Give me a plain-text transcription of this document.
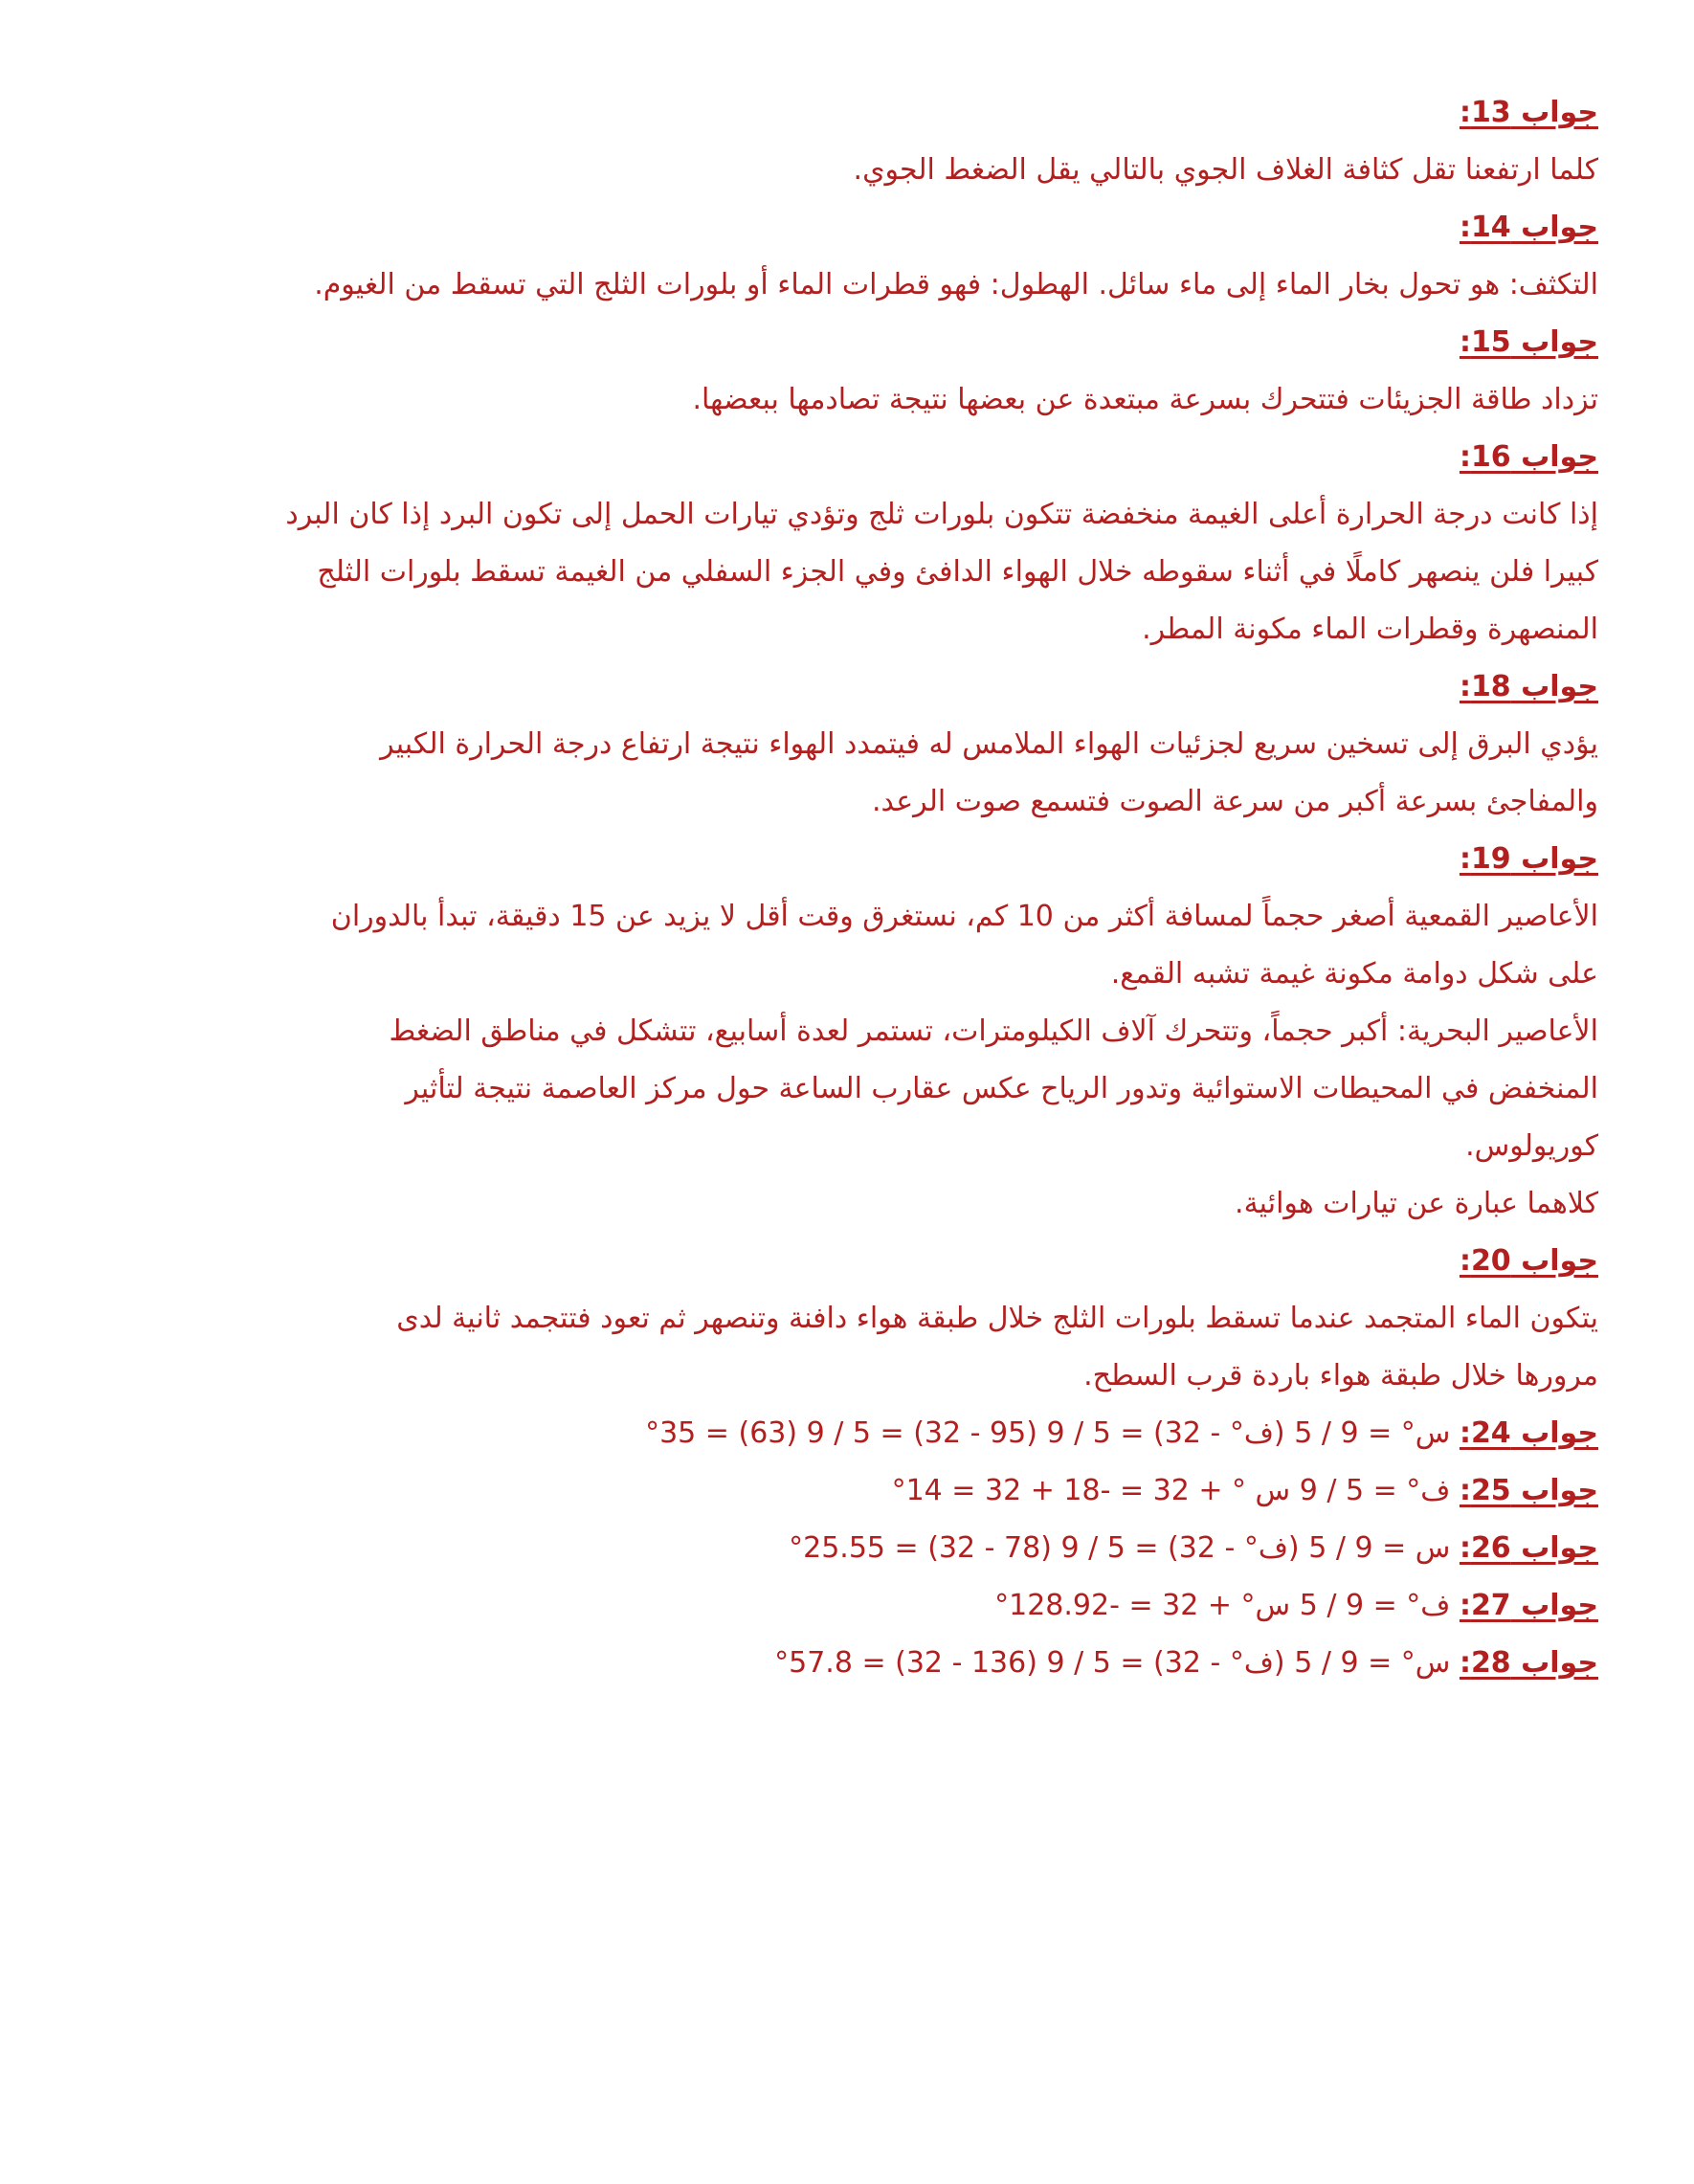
جواب 13:

كلما ارتفعنا تقل كثافة الغلاف الجوي بالتالي يقل الضغط الجوي.

جواب 14:

التكثف: هو تحول بخار الماء إلى ماء سائل. الهطول: فهو قطرات الماء أو بلورات الثلج التي تسقط من الغيوم.

جواب 15:

تزداد طاقة الجزيئات فتتحرك بسرعة مبتعدة عن بعضها نتيجة تصادمها ببعضها.

جواب 16:

إذا كانت درجة الحرارة أعلى الغيمة منخفضة تتكون بلورات ثلج وتؤدي تيارات الحمل إلى تكون البرد إذا كان البرد

كبيرا فلن ينصهر كاملًا في أثناء سقوطه خلال الهواء الدافئ وفي الجزء السفلي من الغيمة تسقط بلورات الثلج

المنصهرة وقطرات الماء مكونة المطر.

جواب 18:

يؤدي البرق إلى تسخين سريع لجزئيات الهواء الملامس له فيتمدد الهواء نتيجة ارتفاع درجة الحرارة الكبير

والمفاجئ بسرعة أكبر من سرعة الصوت فتسمع صوت الرعد.

جواب 19:

الأعاصير القمعية أصغر حجماً لمسافة أكثر من 10 كم، نستغرق وقت أقل لا يزيد عن 15 دقيقة، تبدأ بالدوران

على شكل دوامة مكونة غيمة تشبه القمع.

الأعاصير البحرية: أكبر حجماً، وتتحرك آلاف الكيلومترات، تستمر لعدة أسابيع، تتشكل في مناطق الضغط

المنخفض في المحيطات الاستوائية وتدور الرياح عكس عقارب الساعة حول مركز العاصمة نتيجة لتأثير

كوريولوس.

كلاهما عبارة عن تيارات هوائية.

جواب 20:

يتكون الماء المتجمد عندما تسقط بلورات الثلج خلال طبقة هواء دافنة وتنصهر ثم تعود فتتجمد ثانية لدى

مرورها خلال طبقة هواء باردة قرب السطح.

جواب 24: س° = 9 / 5 (ف° - 32) = 5 / 9 (95 - 32) = 5 / 9 (63) = 35°

جواب 25: ف° = 5 / 9 س ° + 32 = -18 + 32 = 14°

جواب 26: س = 9 / 5 (ف° - 32) = 5 / 9 (78 - 32) = 25.55°

جواب 27: ف° = 9 / 5 س° + 32 = -128.92°

جواب 28: س° = 9 / 5 (ف° - 32) = 5 / 9 (136 - 32) = 57.8°
